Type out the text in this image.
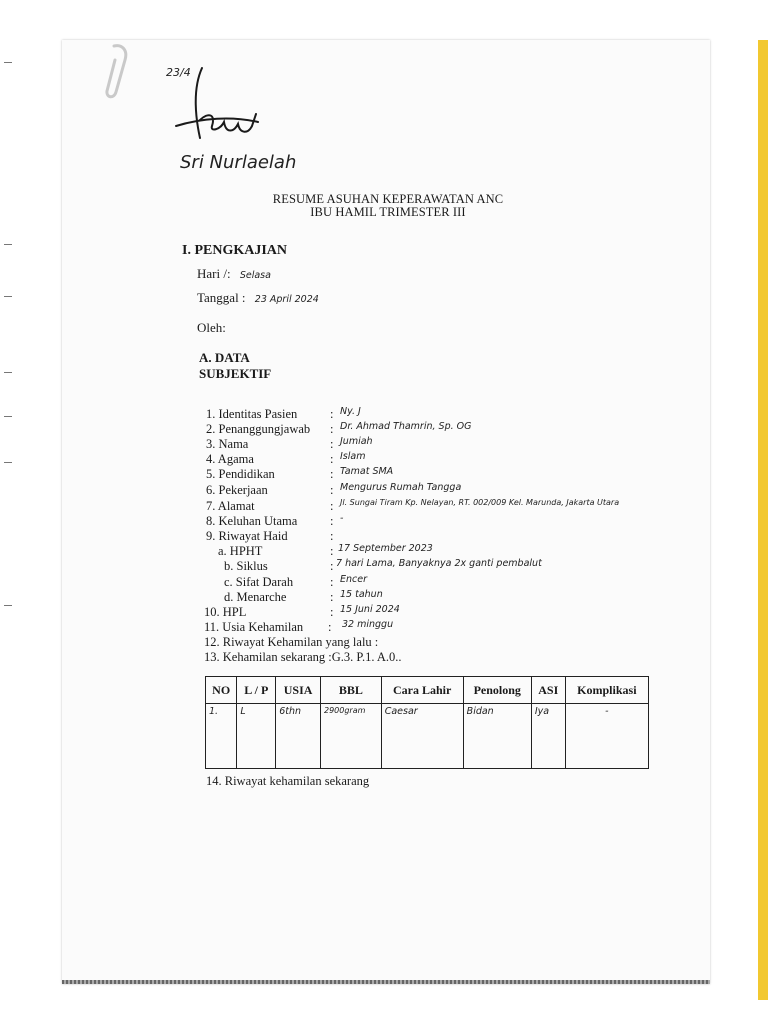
23/4
Sri Nurlaelah
RESUME ASUHAN KEPERAWATAN ANC
IBU HAMIL TRIMESTER III
I. PENGKAJIAN
Hari /: Selasa
Tanggal : 23 April 2024
Oleh:
A. DATA
SUBJEKTIF
1. Identitas Pasien	: Ny. J
2. Penanggungjawab : Dr. Ahmad Thamrin, Sp. OG
3. Nama	: Jumiah
4. Agama	: Islam
5. Pendidikan	: Tamat SMA
6. Pekerjaan	: Mengurus Rumah Tangga
7. Alamat	: Jl. Sungai Tiram Kp. Nelayan, RT. 002/009 Kel. Marunda, Jakarta Utara
8. Keluhan Utama	: -
9. Riwayat Haid	:
a. HPHT	: 17 September 2023
b. Siklus	: 7 hari Lama, Banyaknya 2x ganti pembalut
c. Sifat Darah	: Encer
d. Menarche	: 15 tahun
10. HPL	: 15 Juni 2024
11. Usia Kehamilan : 32 minggu
12. Riwayat Kehamilan yang lalu :
13. Kehamilan sekarang :G.3. P.1. A.0..
NO	L / P	USIA	BBL	Cara Lahir	Penolong	ASI	Komplikasi
1.	L	6thn	2900gram	Caesar	Bidan	Iya	-
14. Riwayat kehamilan sekarang
